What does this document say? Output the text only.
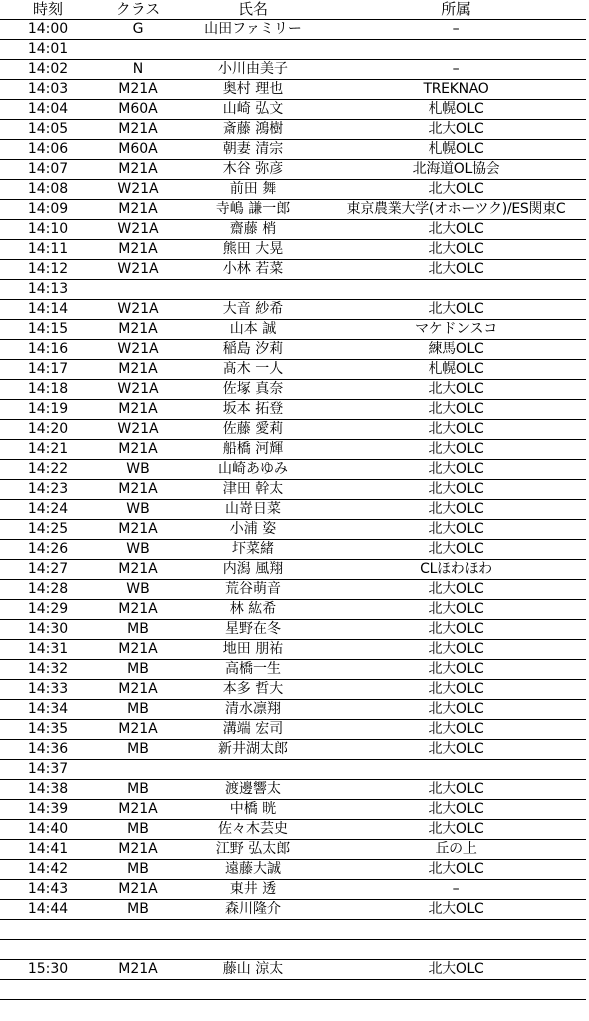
時刻	クラス	氏名	所属
14:00	G	山田ファミリー	–
14:01
14:02	N	小川由美子	–
14:03	M21A	奥村 理也	TREKNAO
14:04	M60A	山崎 弘文	札幌OLC
14:05	M21A	斎藤 鴻樹	北大OLC
14:06	M60A	朝妻 清宗	札幌OLC
14:07	M21A	木谷 弥彦	北海道OL協会
14:08	W21A	前田 舞	北大OLC
14:09	M21A	寺嶋 謙一郎	東京農業大学(オホーツク)/ES関東C
14:10	W21A	齋藤 梢	北大OLC
14:11	M21A	熊田 大晃	北大OLC
14:12	W21A	小林 若菜	北大OLC
14:13
14:14	W21A	大音 紗希	北大OLC
14:15	M21A	山本 誠	マケドンスコ
14:16	W21A	稲島 汐莉	練馬OLC
14:17	M21A	髙木 一人	札幌OLC
14:18	W21A	佐塚 真奈	北大OLC
14:19	M21A	坂本 拓登	北大OLC
14:20	W21A	佐藤 愛莉	北大OLC
14:21	M21A	船橋 河輝	北大OLC
14:22	WB	山崎あゆみ	北大OLC
14:23	M21A	津田 幹太	北大OLC
14:24	WB	山嵜日菜	北大OLC
14:25	M21A	小浦 姿	北大OLC
14:26	WB	圷菜緒	北大OLC
14:27	M21A	内潟 風翔	CLほわほわ
14:28	WB	荒谷萌音	北大OLC
14:29	M21A	林 紘希	北大OLC
14:30	MB	星野在冬	北大OLC
14:31	M21A	地田 朋祐	北大OLC
14:32	MB	高橋一生	北大OLC
14:33	M21A	本多 哲大	北大OLC
14:34	MB	清水凛翔	北大OLC
14:35	M21A	溝端 宏司	北大OLC
14:36	MB	新井湖太郎	北大OLC
14:37
14:38	MB	渡邊響太	北大OLC
14:39	M21A	中橋 晄	北大OLC
14:40	MB	佐々木芸史	北大OLC
14:41	M21A	江野 弘太郎	丘の上
14:42	MB	遠藤大誠	北大OLC
14:43	M21A	東井 透	–
14:44	MB	森川隆介	北大OLC
15:30	M21A	藤山 涼太	北大OLC
